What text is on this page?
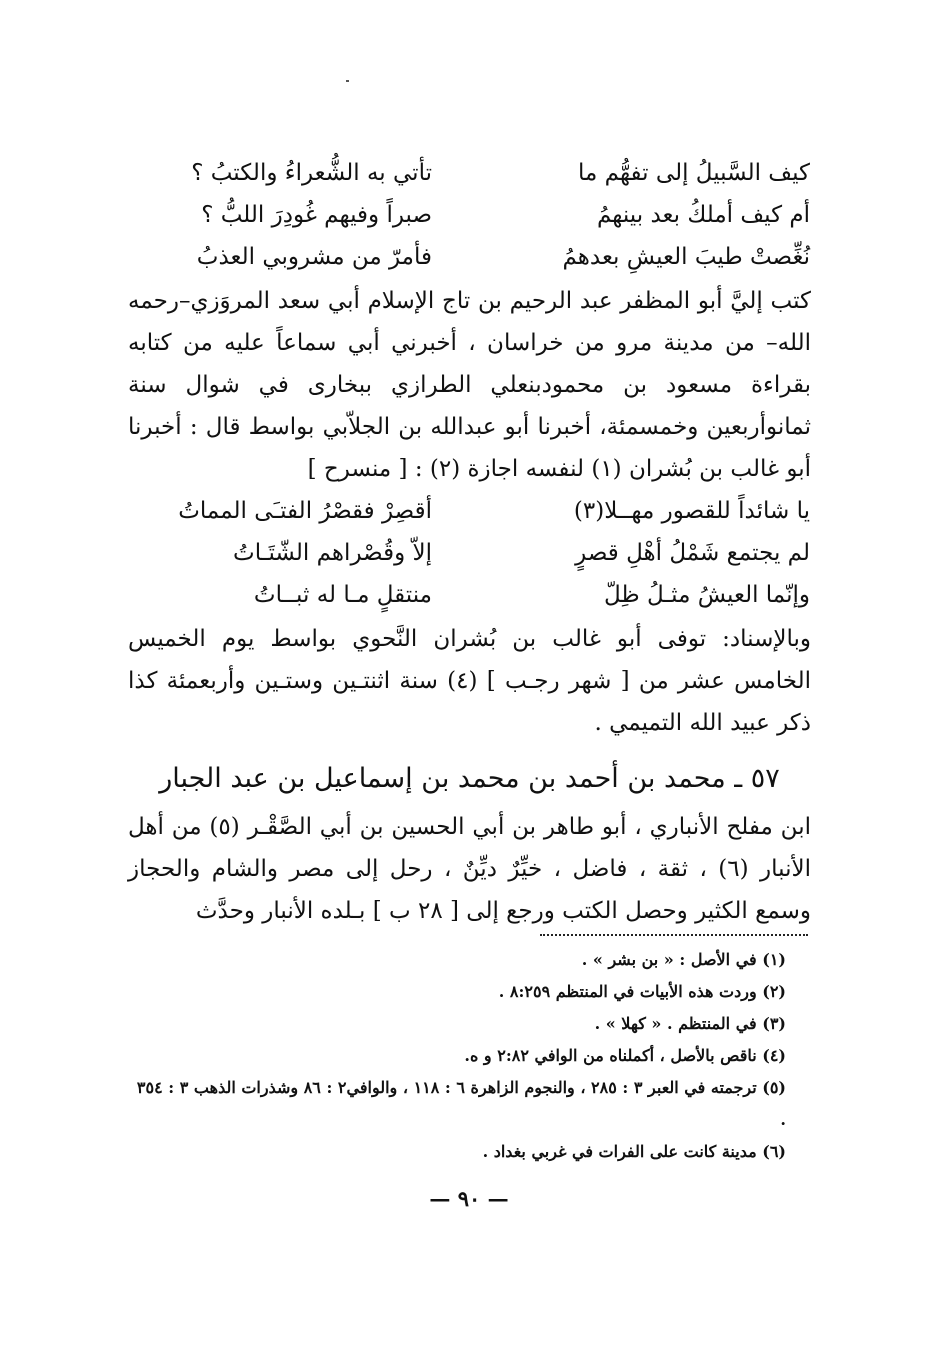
كيف السَّبيلُ إلى تفهُّم ما
تأتي به الشُّعراءُ والكتبُ ؟
أم كيف أملكُ بعد بينهمُ
صبراً وفيهم غُودِرَ اللبُّ ؟
نُغِّصتْ طيبَ العيشِ بعدهمُ
فأمرّ من مشروبي العذبُ

كتب إليَّ أبو المظفر عبد الرحيم بن تاج الإسلام أبي سعد المروَزي–رحمه الله– من مدينة مرو من خراسان ، أخبرني أبي سماعاً عليه من كتابه بقراءة مسعود بن محمودبنعلي الطرازي ببخارى في شوال سنة ثمانوأربعين وخمسمئة، أخبرنا أبو عبدالله بن الجلاّبي بواسط قال : أخبرنا أبو غالب بن بُشران (١) لنفسه اجازة (٢) : [ منسرح ]

يا شائداً للقصور مهــلا(٣)
أقصِرْ فقصْرُ الفتـَى المماتُ
لم يجتمع شَمْلُ أهْلِ قصرٍ
إلاّ وقُصْراهم الشّتَـاتُ
وإنّما العيشُ مثـلُ ظِلّ
منتقلٍ مـا له ثبــاتُ

وبالإسناد: توفى أبو غالب بن بُشران النَّحوي بواسط يوم الخميس الخامس عشر من [ شهر رجـب ] (٤) سنة اثنتـين وستـين وأربعمئة كذا ذكر عبيد الله التميمي .

٥٧ ـ محمد بن أحمد بن محمد بن إسماعيل بن عبد الجبار

ابن مفلح الأنباري ، أبو طاهر بن أبي الحسين بن أبي الصَّقْـر (٥) من أهل الأنبار (٦) ، ثقة ، فاضل ، خيِّرٌ ديِّنٌ ، رحل إلى مصر والشام والحجاز وسمع الكثير وحصل الكتب ورجع إلى [ ٢٨ ب ] بـلده الأنبار وحدَّث

(١) في الأصل : « بن بشر » .

(٢) وردت هذه الأبيات في المنتظم ٨:٢٥٩ .

(٣) في المنتظم . « كهلا » .

(٤) ناقص بالأصل ، أكملناه من الوافي ٢:٨٢ و ه.

(٥) ترجمته في العبر ٣ : ٢٨٥ ، والنجوم الزاهرة ٦ : ١١٨ ، والوافي٢ : ٨٦ وشذرات الذهب ٣ : ٣٥٤ .

(٦) مدينة كانت على الفرات في غربي بغداد .

— ٩٠ —
